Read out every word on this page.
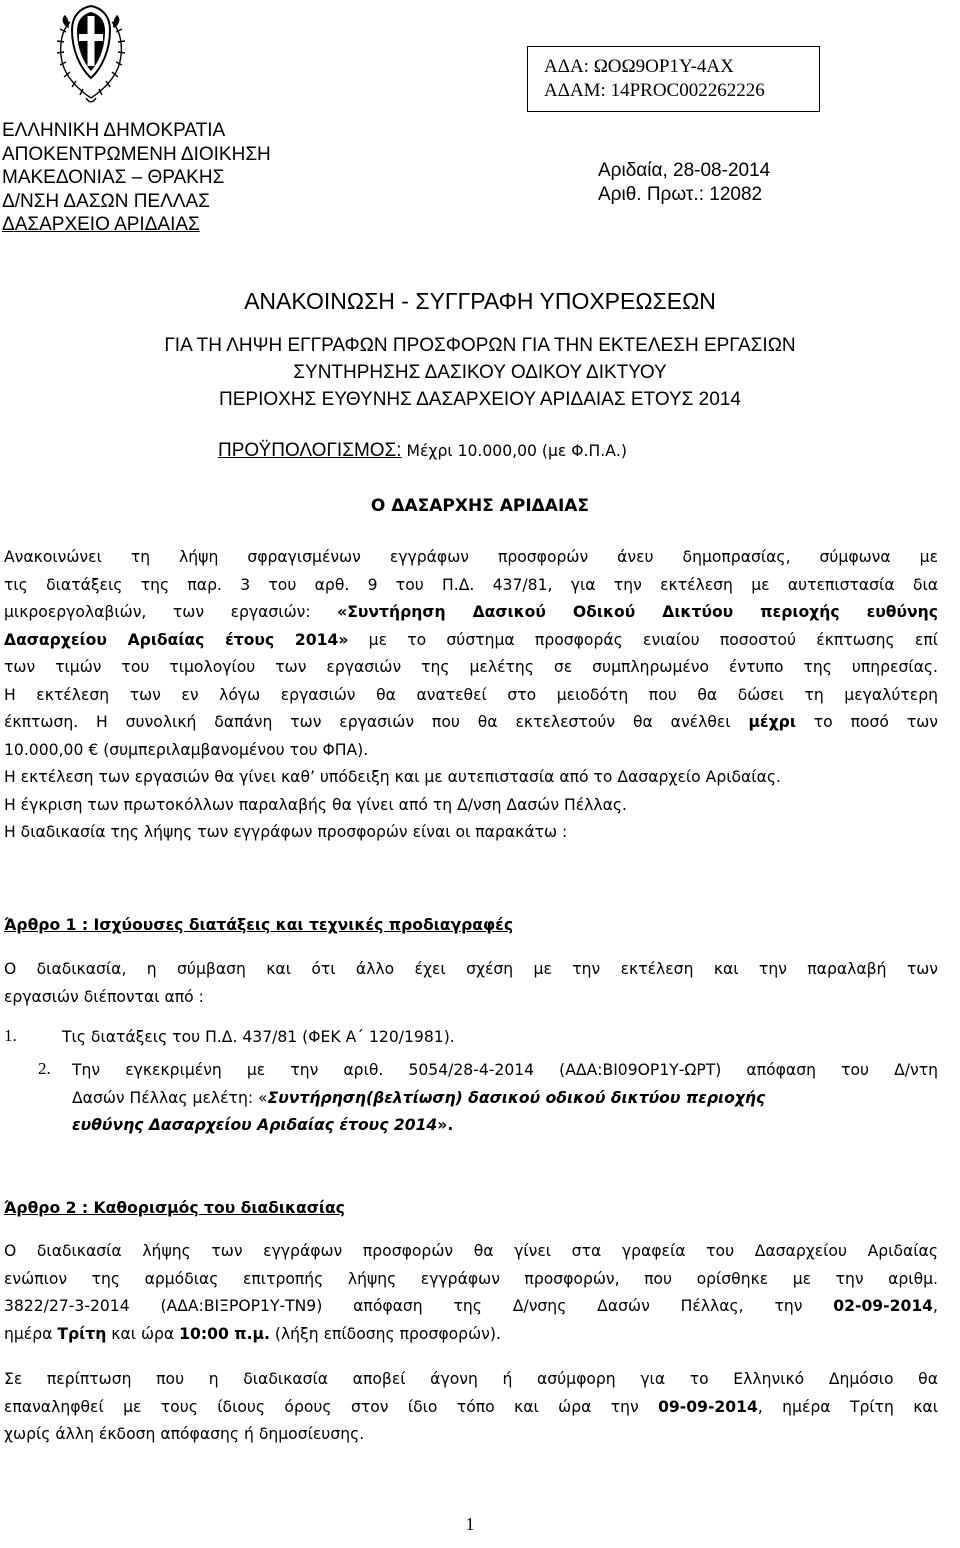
ΕΛΛΗΝΙΚΗ ΔΗΜΟΚΡΑΤΙΑ
ΑΠΟΚΕΝΤΡΩΜΕΝΗ ΔΙΟΙΚΗΣΗ
ΜΑΚΕΔΟΝΙΑΣ – ΘΡΑΚΗΣ
Δ/ΝΣΗ ΔΑΣΩΝ ΠΕΛΛΑΣ
ΔΑΣΑΡΧΕΙΟ ΑΡΙΔΑΙΑΣ
ΑΔΑ: ΩΟΩ9ΟΡ1Υ-4ΑΧ
ΑΔΑΜ: 14PROC002262226
Αριδαία, 28-08-2014
Αριθ. Πρωτ.: 12082
ΑΝΑΚΟΙΝΩΣΗ - ΣΥΓΓΡΑΦΗ ΥΠΟΧΡΕΩΣΕΩΝ
ΓΙΑ ΤΗ ΛΗΨΗ ΕΓΓΡΑΦΩΝ ΠΡΟΣΦΟΡΩΝ ΓΙΑ ΤΗΝ ΕΚΤΕΛΕΣΗ ΕΡΓΑΣΙΩΝ
ΣΥΝΤΗΡΗΣΗΣ ΔΑΣΙΚΟΥ ΟΔΙΚΟΥ ΔΙΚΤΥΟΥ
ΠΕΡΙΟΧΗΣ ΕΥΘΥΝΗΣ ΔΑΣΑΡΧΕΙΟΥ ΑΡΙΔΑΙΑΣ ΕΤΟΥΣ 2014
ΠΡΟΫΠΟΛΟΓΙΣΜΟΣ: Μέχρι 10.000,00 (με Φ.Π.Α.)
Ο ΔΑΣΑΡΧΗΣ ΑΡΙΔΑΙΑΣ
Ανακοινώνει τη λήψη σφραγισμένων εγγράφων προσφορών άνευ δημοπρασίας, σύμφωνα με
τις διατάξεις της παρ. 3 του αρθ. 9 του Π.Δ. 437/81, για την εκτέλεση με αυτεπιστασία δια
μικροεργολαβιών, των εργασιών: «Συντήρηση Δασικού Οδικού Δικτύου περιοχής ευθύνης
Δασαρχείου Αριδαίας έτους 2014» με το σύστημα προσφοράς ενιαίου ποσοστού έκπτωσης επί
των τιμών του τιμολογίου των εργασιών της μελέτης σε συμπληρωμένο έντυπο της υπηρεσίας.
Η εκτέλεση των εν λόγω εργασιών θα ανατεθεί στο μειοδότη που θα δώσει τη μεγαλύτερη
έκπτωση. Η συνολική δαπάνη των εργασιών που θα εκτελεστούν θα ανέλθει μέχρι το ποσό των
10.000,00 € (συμπεριλαμβανομένου του ΦΠΑ).
Η εκτέλεση των εργασιών θα γίνει καθ’ υπόδειξη και με αυτεπιστασία από το Δασαρχείο Αριδαίας.
Η έγκριση των πρωτοκόλλων παραλαβής θα γίνει από τη Δ/νση Δασών Πέλλας.
Η διαδικασία της λήψης των εγγράφων προσφορών είναι οι παρακάτω :
Άρθρο 1 : Ισχύουσες διατάξεις και τεχνικές προδιαγραφές
Ο διαδικασία, η σύμβαση και ότι άλλο έχει σχέση με την εκτέλεση και την παραλαβή των
εργασιών διέπονται από :
1.	Τις διατάξεις του Π.Δ. 437/81 (ΦΕΚ Α΄ 120/1981).
2. Την εγκεκριμένη με την αριθ. 5054/28-4-2014 (ΑΔΑ:ΒΙ09ΟΡ1Υ-ΩΡΤ) απόφαση του Δ/ντη
Δασών Πέλλας μελέτη: «Συντήρηση(βελτίωση) δασικού οδικού δικτύου περιοχής
ευθύνης Δασαρχείου Αριδαίας έτους 2014».
Άρθρο 2 : Καθορισμός του διαδικασίας
Ο διαδικασία λήψης των εγγράφων προσφορών θα γίνει στα γραφεία του Δασαρχείου Αριδαίας
ενώπιον της αρμόδιας επιτροπής λήψης εγγράφων προσφορών, που ορίσθηκε με την αριθμ.
3822/27-3-2014 (ΑΔΑ:ΒΙΞΡΟΡ1Υ-ΤΝ9) απόφαση της Δ/νσης Δασών Πέλλας, την 02-09-2014,
ημέρα Τρίτη και ώρα 10:00 π.μ. (λήξη επίδοσης προσφορών).
Σε περίπτωση που η διαδικασία αποβεί άγονη ή ασύμφορη για το Ελληνικό Δημόσιο θα
επαναληφθεί με τους ίδιους όρους στον ίδιο τόπο και ώρα την 09-09-2014, ημέρα Τρίτη και
χωρίς άλλη έκδοση απόφασης ή δημοσίευσης.
1
